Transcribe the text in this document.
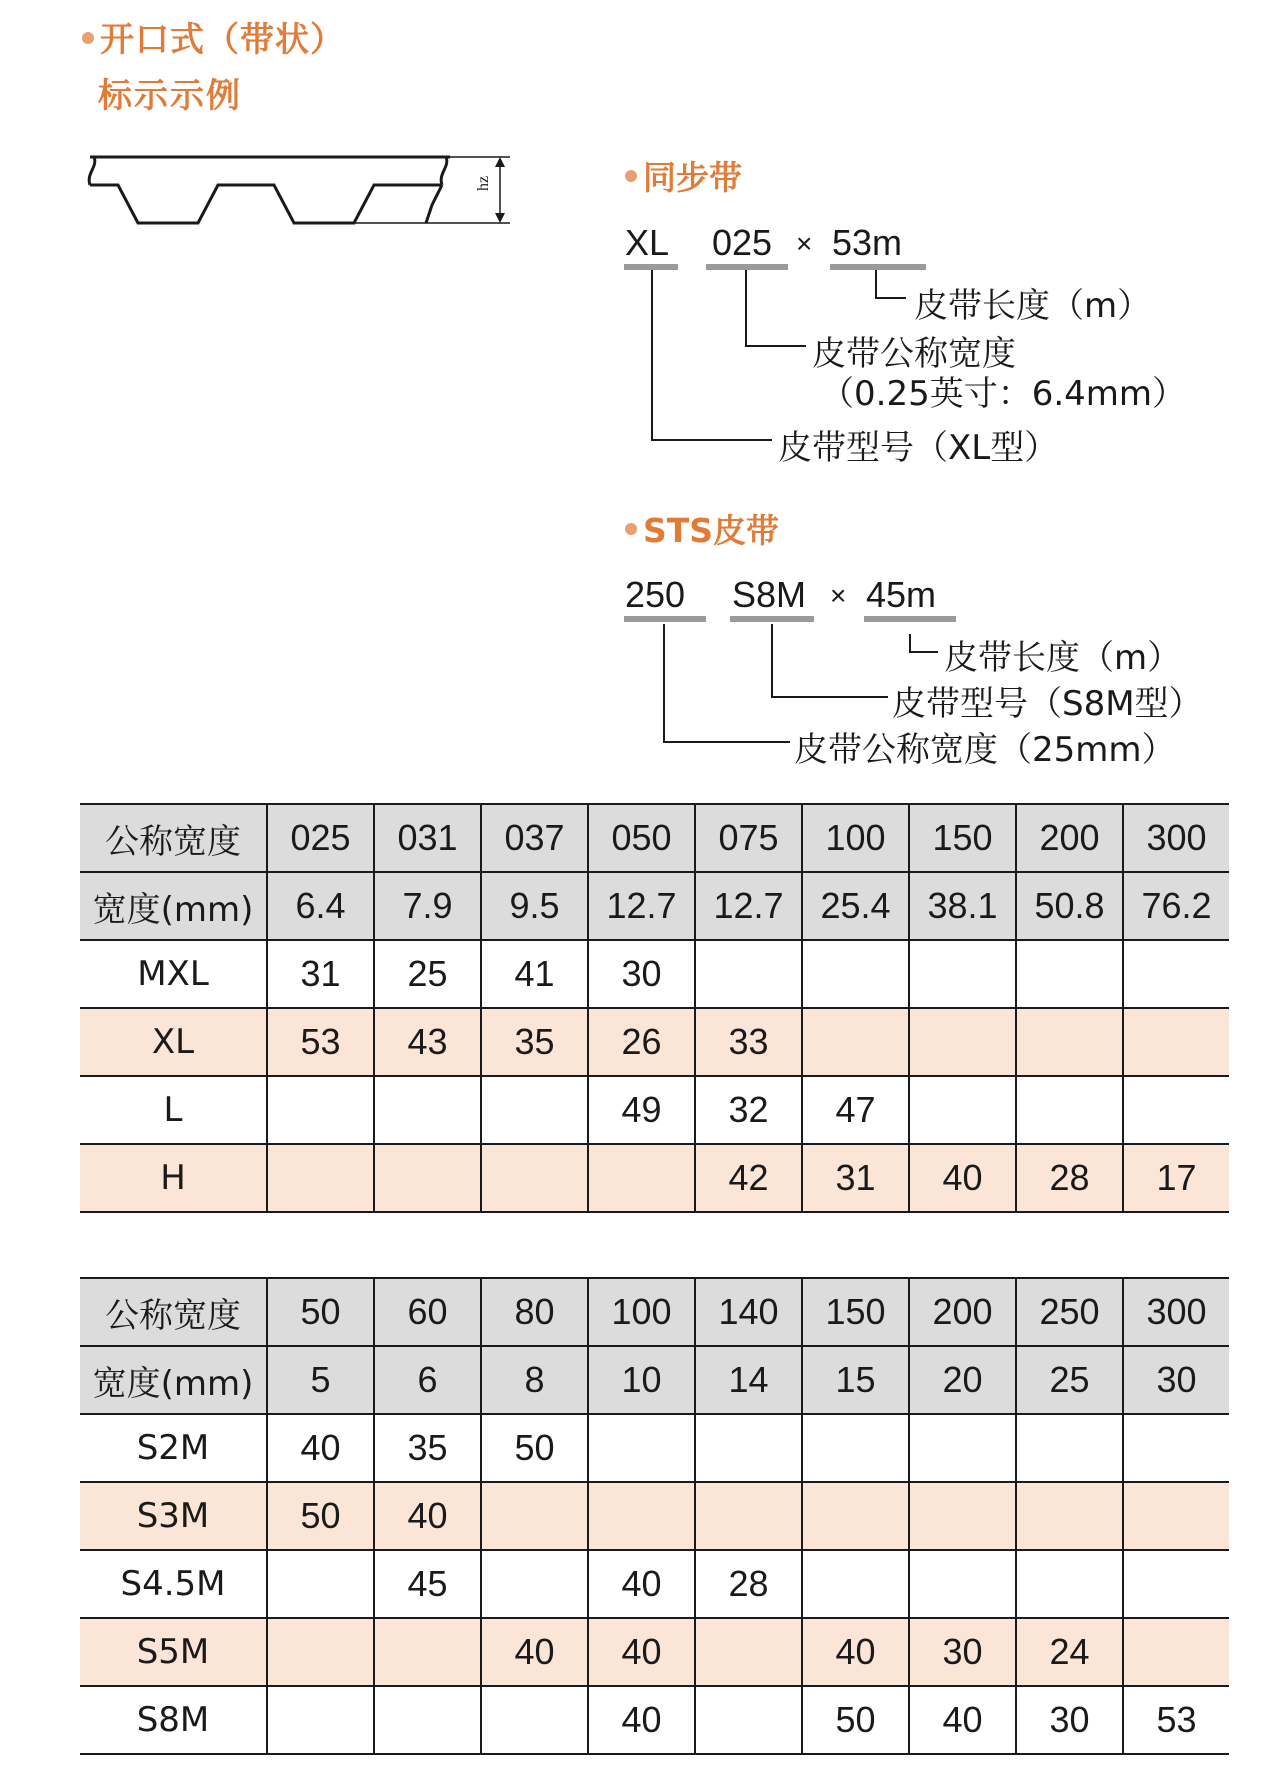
开口式（带状）
标示示例
hz	同步带
XL 025 × 53m
皮带长度（m）
皮带公称宽度
（0.25英寸：6.4mm）
皮带型号（XL型）
STS皮带
250 S8M × 45m
皮带长度（m）
皮带型号（S8M型）
皮带公称宽度（25mm）
公称宽度	025	031	037	050	075	100	150	200	300
宽度(mm)	6.4	7.9	9.5	12.7	12.7	25.4	38.1	50.8	76.2
MXL	31	25	41	30					
XL	53	43	35	26	33				
L				49	32	47			
H					42	31	40	28	17
公称宽度	50	60	80	100	140	150	200	250	300
宽度(mm)	5	6	8	10	14	15	20	25	30
S2M	40	35	50						
S3M	50	40							
S4.5M		45		40	28				
S5M			40	40		40	30	24	
S8M				40		50	40	30	53
